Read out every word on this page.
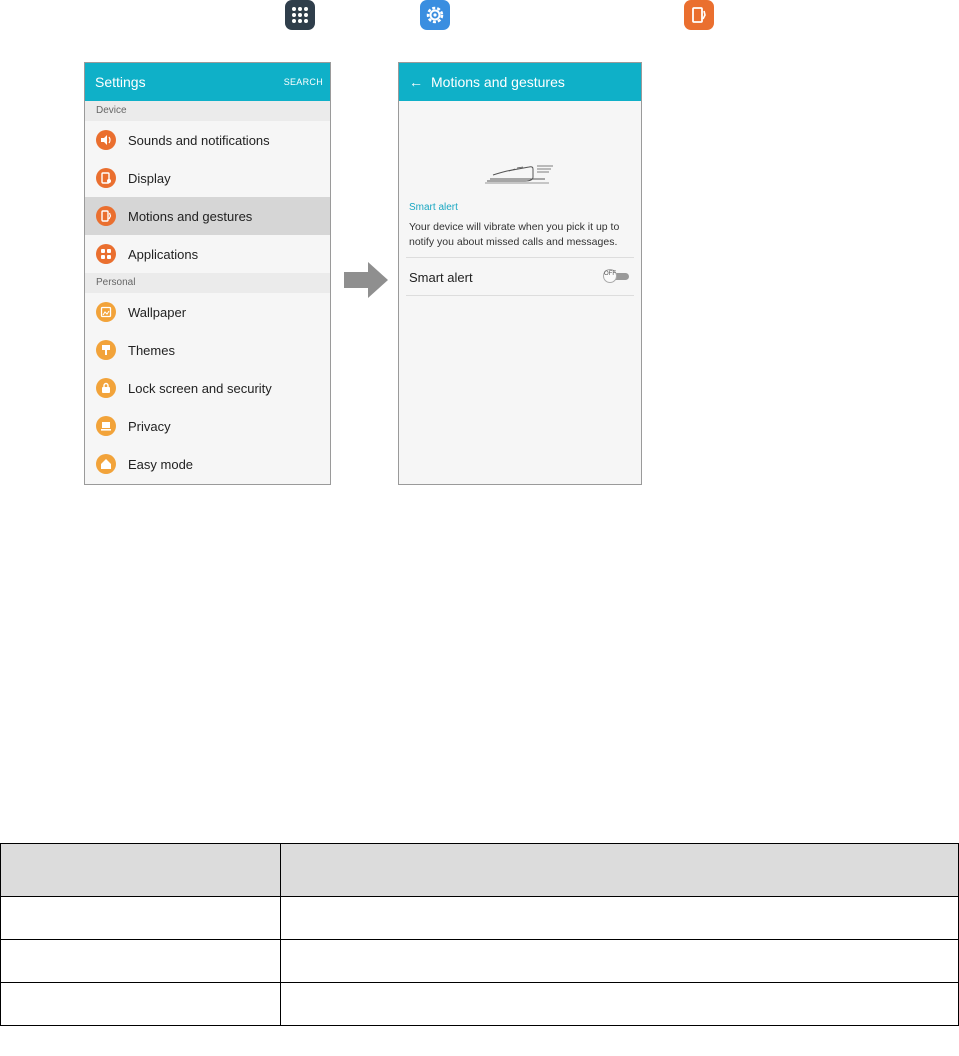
Settings	SEARCH
Device
Sounds and notifications
Display
Motions and gestures
Applications
Personal
Wallpaper
Themes
Lock screen and security
Privacy
Easy mode
← Motions and gestures
Smart alert
Your device will vibrate when you pick it up to notify you about missed calls and messages.
Smart alert	OFF
